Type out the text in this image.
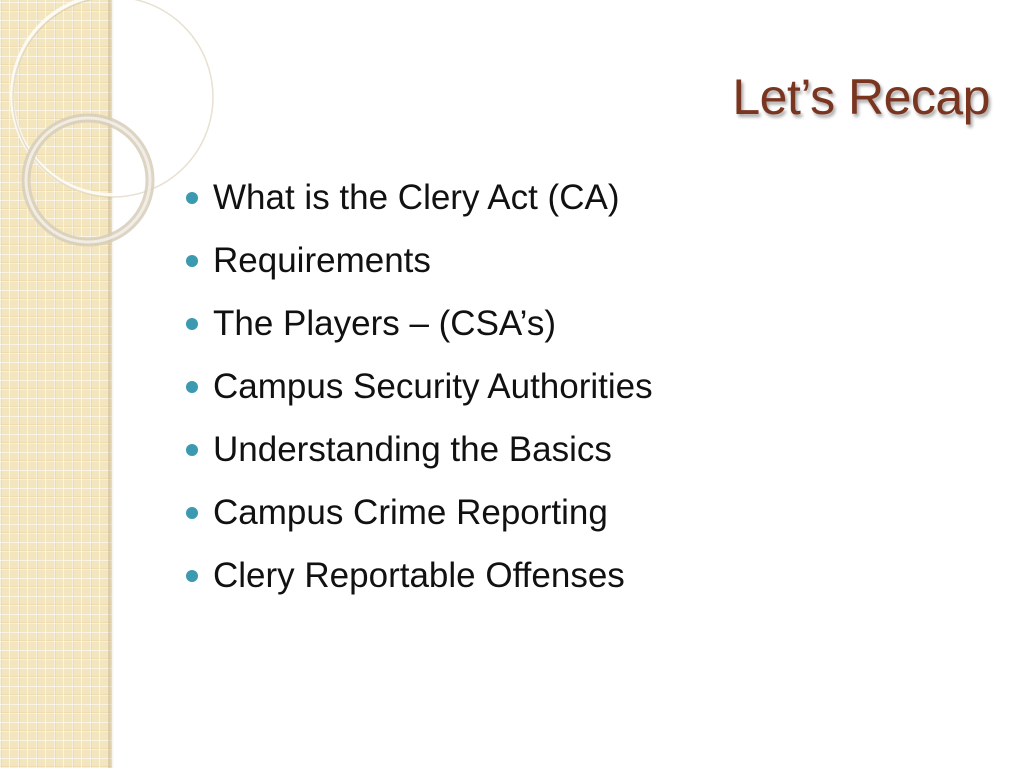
Let’s Recap
What is the Clery Act (CA)
Requirements
The Players – (CSA’s)
Campus Security Authorities
Understanding the Basics
Campus Crime Reporting
Clery Reportable Offenses
